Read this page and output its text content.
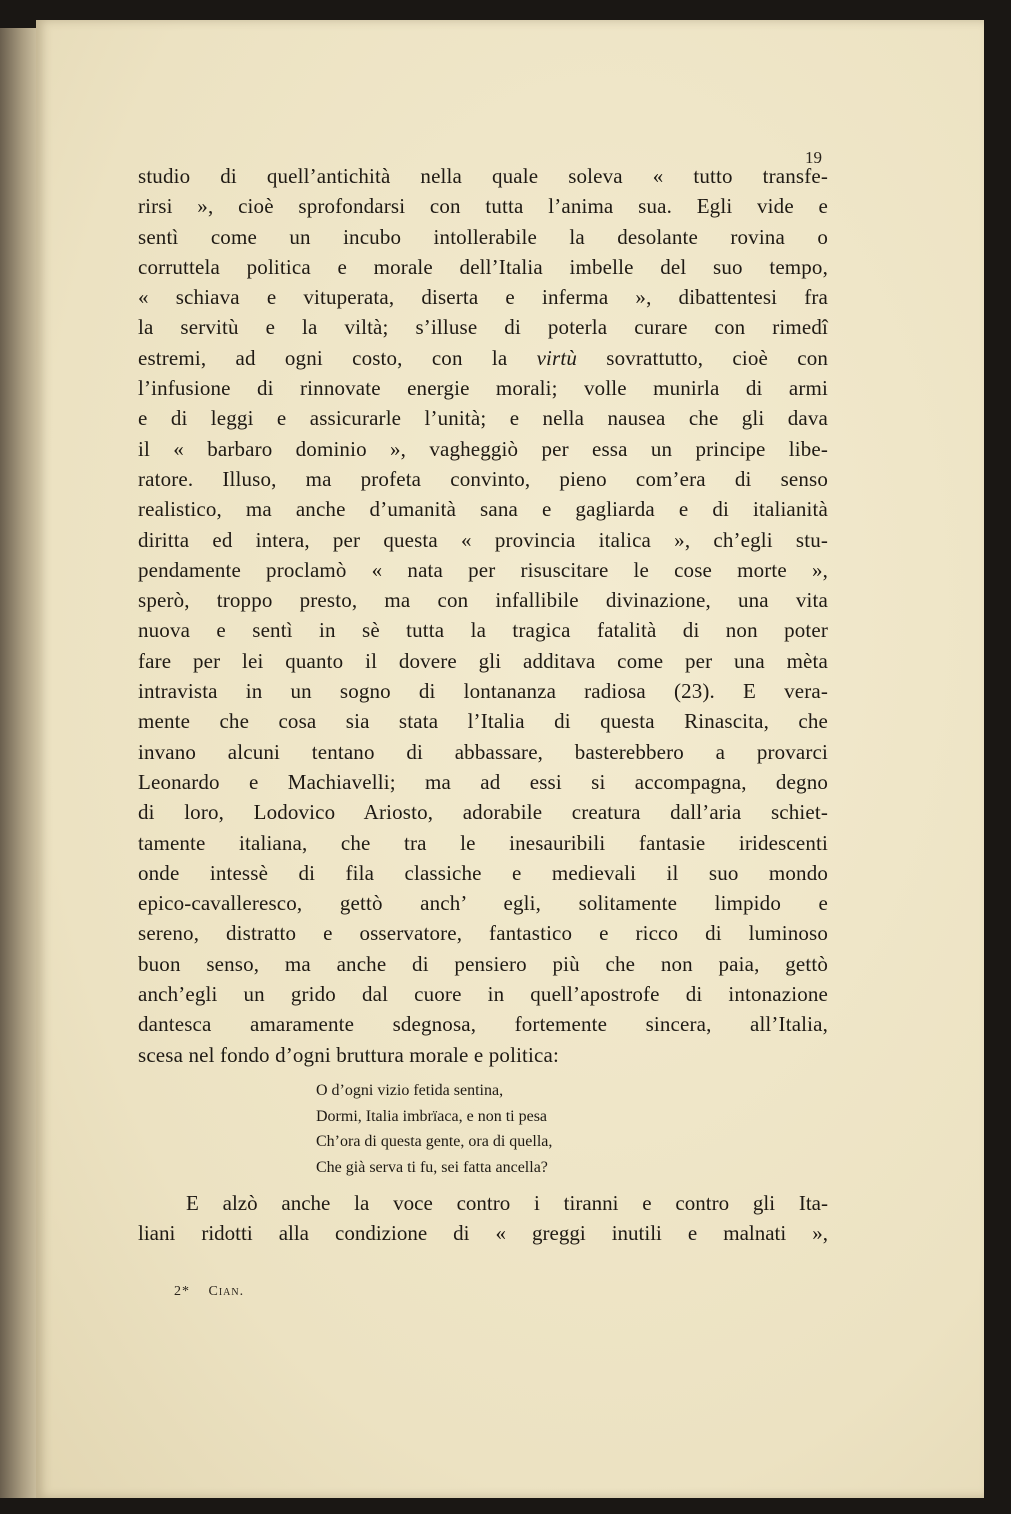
19
studio di quell’antichità nella quale soleva « tutto transfe-
rirsi », cioè sprofondarsi con tutta l’anima sua. Egli vide e
sentì come un incubo intollerabile la desolante rovina o
corruttela politica e morale dell’Italia imbelle del suo tempo,
« schiava e vituperata, diserta e inferma », dibattentesi fra
la servitù e la viltà; s’illuse di poterla curare con rimedî
estremi, ad ogni costo, con la virtù sovrattutto, cioè con
l’infusione di rinnovate energie morali; volle munirla di armi
e di leggi e assicurarle l’unità; e nella nausea che gli dava
il « barbaro dominio », vagheggiò per essa un principe libe-
ratore. Illuso, ma profeta convinto, pieno com’era di senso
realistico, ma anche d’umanità sana e gagliarda e di italianità
diritta ed intera, per questa « provincia italica », ch’egli stu-
pendamente proclamò « nata per risuscitare le cose morte »,
sperò, troppo presto, ma con infallibile divinazione, una vita
nuova e sentì in sè tutta la tragica fatalità di non poter
fare per lei quanto il dovere gli additava come per una mèta
intravista in un sogno di lontananza radiosa (23). E vera-
mente che cosa sia stata l’Italia di questa Rinascita, che
invano alcuni tentano di abbassare, basterebbero a provarci
Leonardo e Machiavelli; ma ad essi si accompagna, degno
di loro, Lodovico Ariosto, adorabile creatura dall’aria schiet-
tamente italiana, che tra le inesauribili fantasie iridescenti
onde intessè di fila classiche e medievali il suo mondo
epico-cavalleresco, gettò anch’ egli, solitamente limpido e
sereno, distratto e osservatore, fantastico e ricco di luminoso
buon senso, ma anche di pensiero più che non paia, gettò
anch’egli un grido dal cuore in quell’apostrofe di intonazione
dantesca amaramente sdegnosa, fortemente sincera, all’Italia,
scesa nel fondo d’ogni bruttura morale e politica:
O d’ogni vizio fetida sentina,
Dormi, Italia imbrïaca, e non ti pesa
Ch’ora di questa gente, ora di quella,
Che già serva ti fu, sei fatta ancella?
E alzò anche la voce contro i tiranni e contro gli Ita-
liani ridotti alla condizione di « greggi inutili e malnati »,
2* Cian.
